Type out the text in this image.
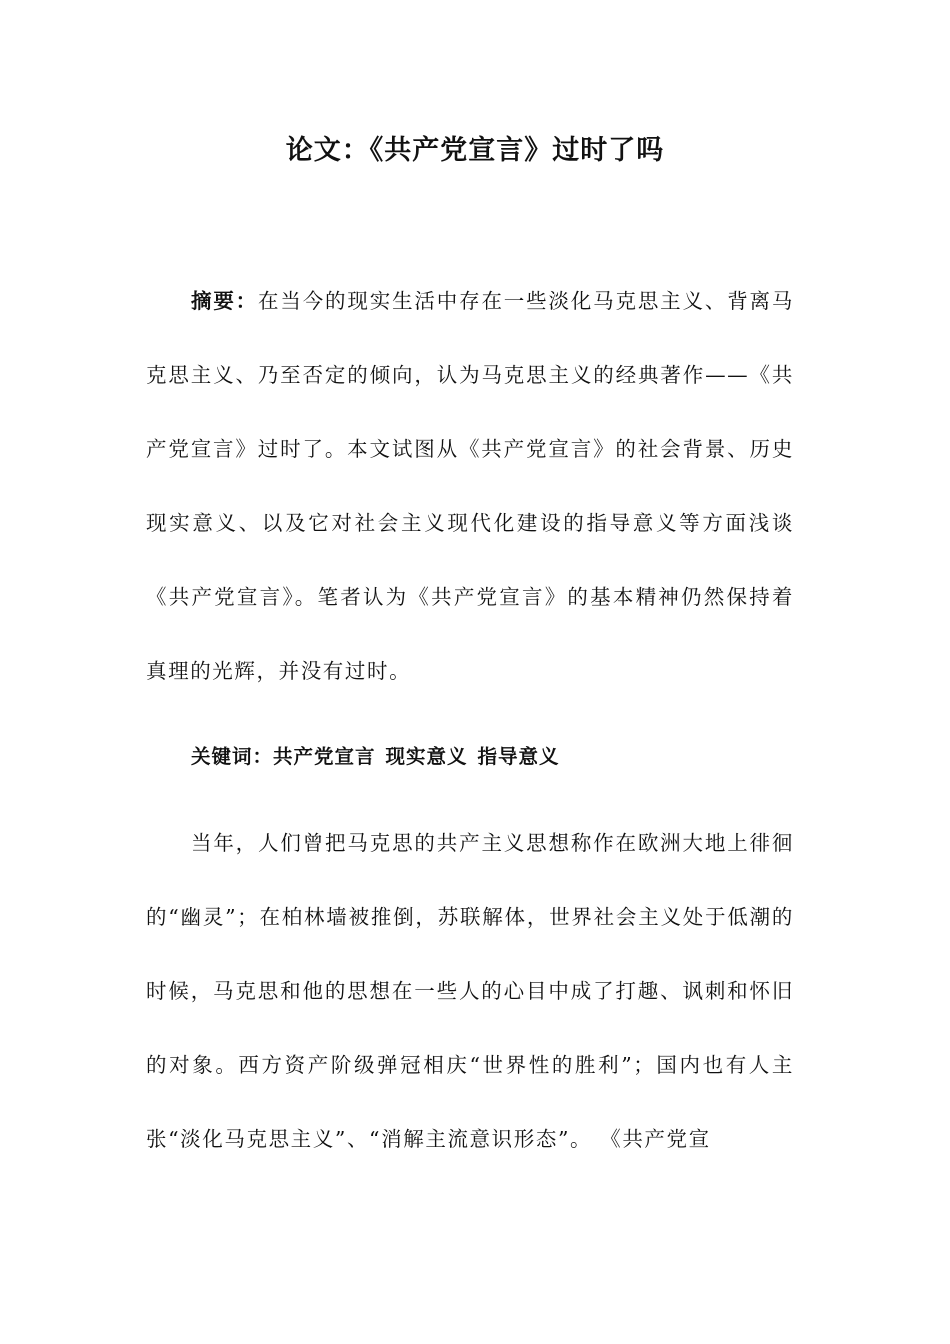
论文：《共产党宣言》过时了吗
摘要：在当今的现实生活中存在一些淡化马克思主义、背离马克思主义、乃至否定的倾向，认为马克思主义的经典著作——《共产党宣言》过时了。本文试图从《共产党宣言》的社会背景、历史现实意义、以及它对社会主义现代化建设的指导意义等方面浅谈《共产党宣言》。笔者认为《共产党宣言》的基本精神仍然保持着真理的光辉，并没有过时。
关键词：共产党宣言 现实意义 指导意义
当年，人们曾把马克思的共产主义思想称作在欧洲大地上徘徊的“幽灵”；在柏林墙被推倒，苏联解体，世界社会主义处于低潮的时候，马克思和他的思想在一些人的心目中成了打趣、讽刺和怀旧的对象。西方资产阶级弹冠相庆“世界性的胜利”；国内也有人主张“淡化马克思主义”、“消解主流意识形态”。 《共产党宣
